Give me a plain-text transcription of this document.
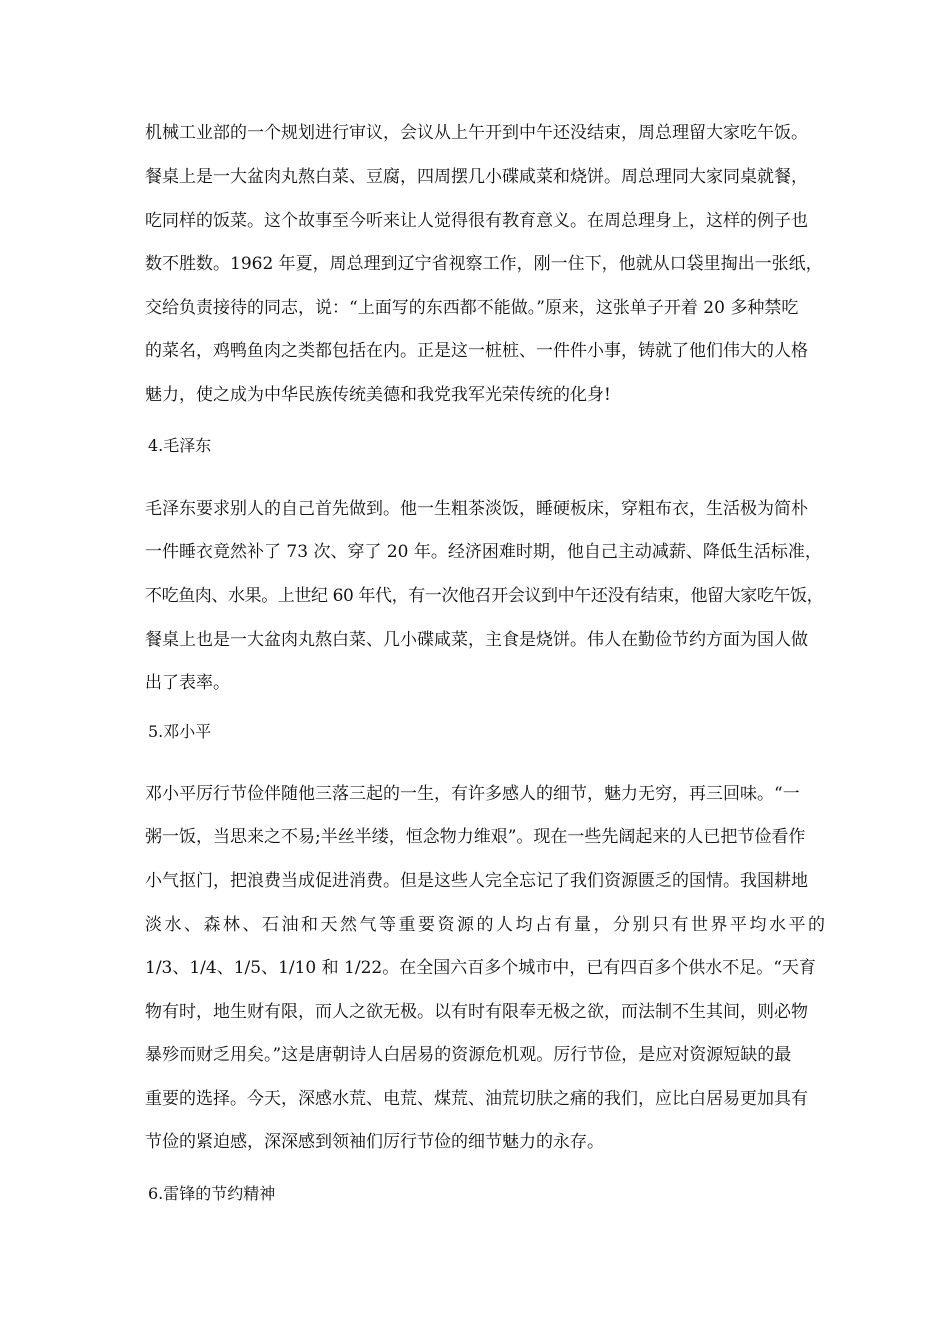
机械工业部的一个规划进行审议，会议从上午开到中午还没结束，周总理留大家吃午饭。
餐桌上是一大盆肉丸熬白菜、豆腐，四周摆几小碟咸菜和烧饼。周总理同大家同桌就餐，
吃同样的饭菜。这个故事至今听来让人觉得很有教育意义。在周总理身上，这样的例子也
数不胜数。1962 年夏，周总理到辽宁省视察工作，刚一住下，他就从口袋里掏出一张纸，
交给负责接待的同志，说：“上面写的东西都不能做。”原来，这张单子开着 20 多种禁吃
的菜名，鸡鸭鱼肉之类都包括在内。正是这一桩桩、一件件小事，铸就了他们伟大的人格
魅力，使之成为中华民族传统美德和我党我军光荣传统的化身!
4.毛泽东
毛泽东要求别人的自己首先做到。他一生粗茶淡饭，睡硬板床，穿粗布衣，生活极为简朴
一件睡衣竟然补了 73 次、穿了 20 年。经济困难时期，他自己主动减薪、降低生活标准，
不吃鱼肉、水果。上世纪 60 年代，有一次他召开会议到中午还没有结束，他留大家吃午饭，
餐桌上也是一大盆肉丸熬白菜、几小碟咸菜，主食是烧饼。伟人在勤俭节约方面为国人做
出了表率。
5.邓小平
邓小平厉行节俭伴随他三落三起的一生，有许多感人的细节，魅力无穷，再三回味。“一
粥一饭，当思来之不易;半丝半缕，恒念物力维艰”。现在一些先阔起来的人已把节俭看作
小气抠门，把浪费当成促进消费。但是这些人完全忘记了我们资源匮乏的国情。我国耕地
淡水、森林、石油和天然气等重要资源的人均占有量，分别只有世界平均水平的
1/3、1/4、1/5、1/10 和 1/22。在全国六百多个城市中，已有四百多个供水不足。“天育
物有时，地生财有限，而人之欲无极。以有时有限奉无极之欲，而法制不生其间，则必物
暴殄而财乏用矣。”这是唐朝诗人白居易的资源危机观。厉行节俭，是应对资源短缺的最
重要的选择。今天，深感水荒、电荒、煤荒、油荒切肤之痛的我们，应比白居易更加具有
节俭的紧迫感，深深感到领袖们厉行节俭的细节魅力的永存。
6.雷锋的节约精神
